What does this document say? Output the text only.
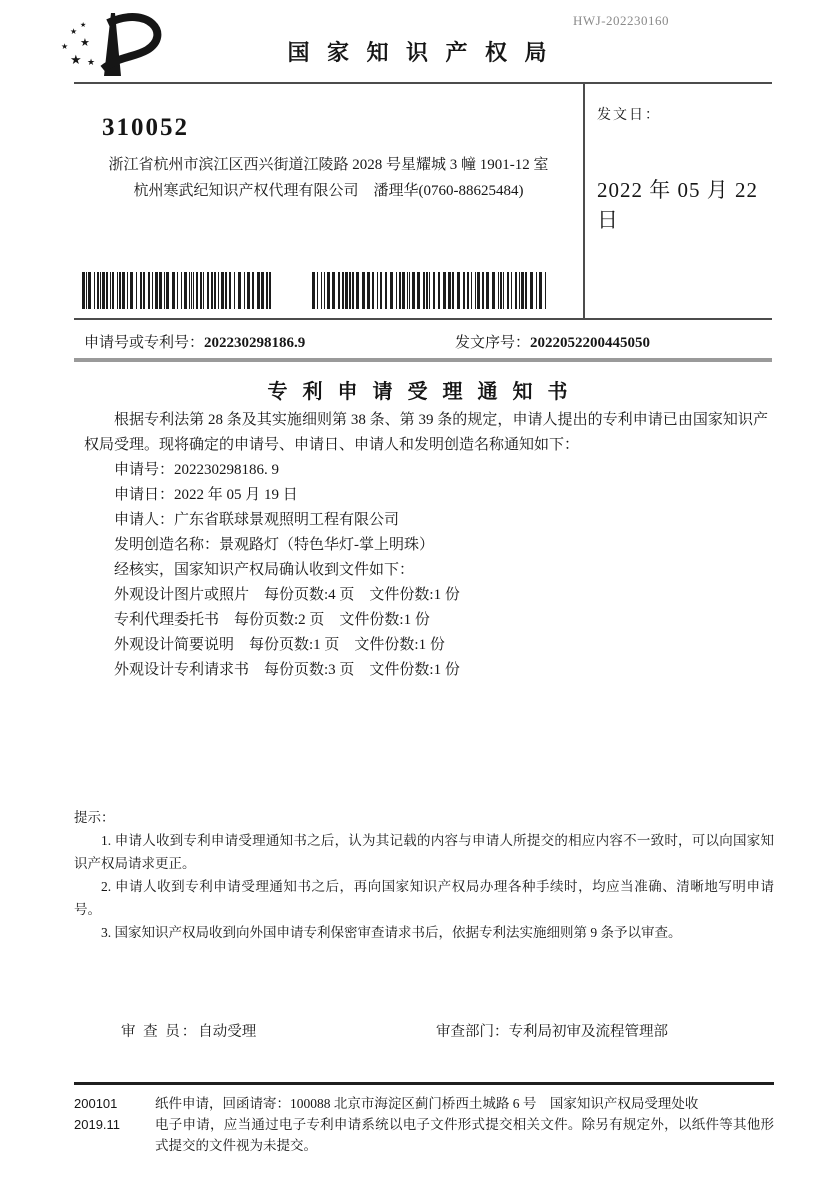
HWJ-202230160
★
★
★
★
★ ★	国 家 知 识 产 权 局
310052
浙江省杭州市滨江区西兴街道江陵路 2028 号星耀城 3 幢 1901-12 室
杭州寒武纪知识产权代理有限公司　潘理华(0760-88625484)
发文日：
2022 年 05 月 22 日
申请号或专利号：202230298186.9	发文序号：2022052200445050
专 利 申 请 受 理 通 知 书

根据专利法第 28 条及其实施细则第 38 条、第 39 条的规定，申请人提出的专利申请已由国家知识产权局受理。现将确定的申请号、申请日、申请人和发明创造名称通知如下：

申请号：202230298186. 9

申请日：2022 年 05 月 19 日

申请人：广东省联球景观照明工程有限公司

发明创造名称：景观路灯（特色华灯-掌上明珠）

经核实，国家知识产权局确认收到文件如下：

外观设计图片或照片　每份页数:4 页　文件份数:1 份

专利代理委托书　每份页数:2 页　文件份数:1 份

外观设计简要说明　每份页数:1 页　文件份数:1 份

外观设计专利请求书　每份页数:3 页　文件份数:1 份

提示：

1. 申请人收到专利申请受理通知书之后，认为其记载的内容与申请人所提交的相应内容不一致时，可以向国家知识产权局请求更正。

2. 申请人收到专利申请受理通知书之后，再向国家知识产权局办理各种手续时，均应当准确、清晰地写明申请号。

3. 国家知识产权局收到向外国申请专利保密审查请求书后，依据专利法实施细则第 9 条予以审查。

审 查 员：自动受理	审查部门：专利局初审及流程管理部
200101	纸件申请，回函请寄：100088 北京市海淀区蓟门桥西土城路 6 号　国家知识产权局受理处收
2019.11	电子申请，应当通过电子专利申请系统以电子文件形式提交相关文件。除另有规定外，以纸件等其他形式提交的文件视为未提交。
